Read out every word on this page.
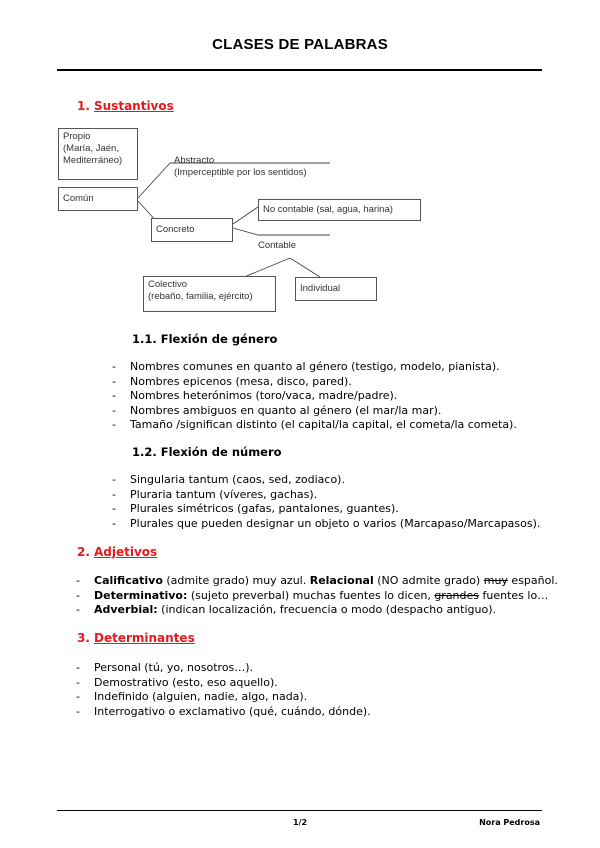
CLASES DE PALABRAS
1. Sustantivos
Propio
(María, Jaén,
Mediterráneo)
Común
Abstracto
(Imperceptible por los sentidos)
Concreto
No contable (sal, agua, harina)
Contable
Colectivo
(rebaño, familia, ejército)
Individual
1.1. Flexión de género
- Nombres comunes en quanto al género (testigo, modelo, pianista).
- Nombres epicenos (mesa, disco, pared).
- Nombres heterónimos (toro/vaca, madre/padre).
- Nombres ambiguos en quanto al género (el mar/la mar).
- Tamaño /significan distinto (el capital/la capital, el cometa/la cometa).
1.2. Flexión de número
- Singularia tantum (caos, sed, zodiaco).
- Pluraria tantum (víveres, gachas).
- Plurales simétricos (gafas, pantalones, guantes).
- Plurales que pueden designar un objeto o varios (Marcapaso/Marcapasos).
2. Adjetivos
- Calificativo (admite grado) muy azul. Relacional (NO admite grado) muy español.
- Determinativo: (sujeto preverbal) muchas fuentes lo dicen, grandes fuentes lo…
- Adverbial: (indican localización, frecuencia o modo (despacho antiguo).
3. Determinantes
- Personal (tú, yo, nosotros…).
- Demostrativo (esto, eso aquello).
- Indefinido (alguien, nadie, algo, nada).
- Interrogativo o exclamativo (qué, cuándo, dónde).
1/2	Nora Pedrosa
